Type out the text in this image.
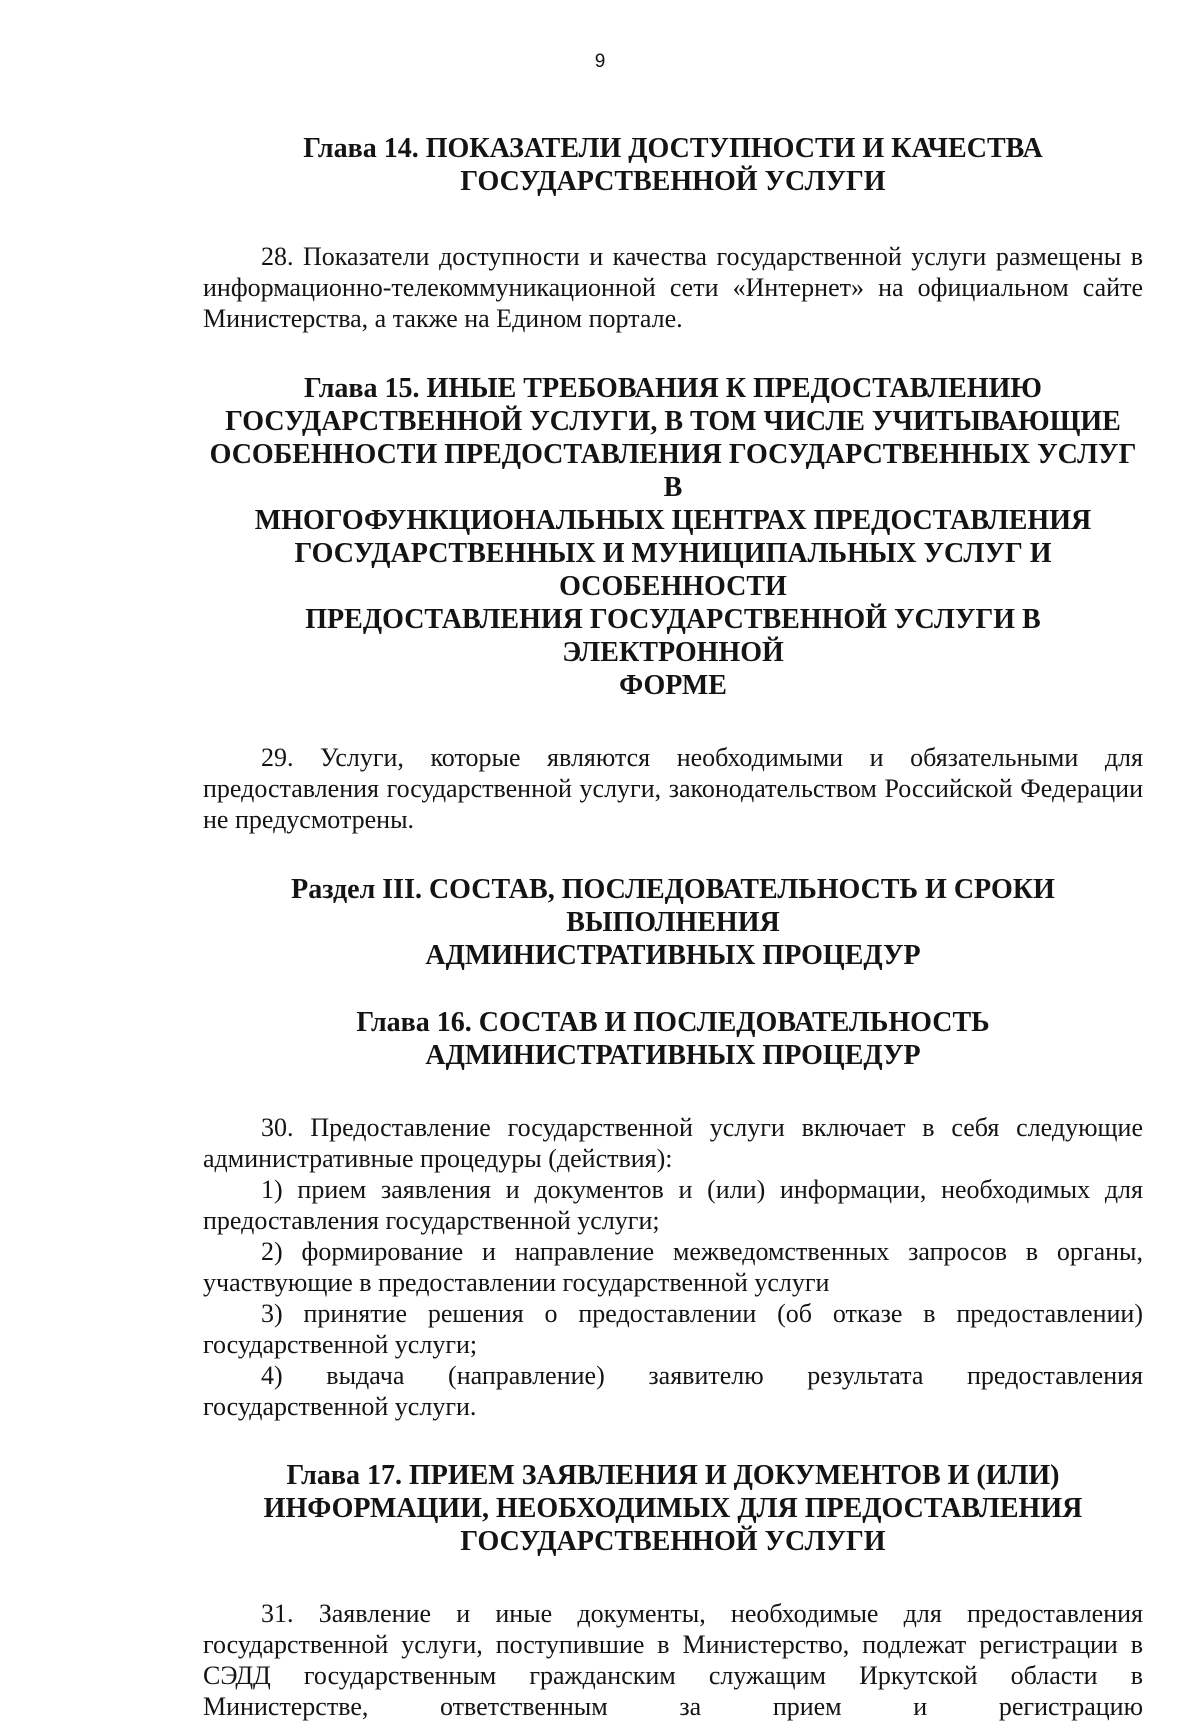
9
Глава 14. ПОКАЗАТЕЛИ ДОСТУПНОСТИ И КАЧЕСТВА
ГОСУДАРСТВЕННОЙ УСЛУГИ

28. Показатели доступности и качества государственной услуги размещены в информационно-телекоммуникационной сети «Интернет» на официальном сайте Министерства, а также на Едином портале.

Глава 15. ИНЫЕ ТРЕБОВАНИЯ К ПРЕДОСТАВЛЕНИЮ
ГОСУДАРСТВЕННОЙ УСЛУГИ, В ТОМ ЧИСЛЕ УЧИТЫВАЮЩИЕ
ОСОБЕННОСТИ ПРЕДОСТАВЛЕНИЯ ГОСУДАРСТВЕННЫХ УСЛУГ В
МНОГОФУНКЦИОНАЛЬНЫХ ЦЕНТРАХ ПРЕДОСТАВЛЕНИЯ
ГОСУДАРСТВЕННЫХ И МУНИЦИПАЛЬНЫХ УСЛУГ И ОСОБЕННОСТИ
ПРЕДОСТАВЛЕНИЯ ГОСУДАРСТВЕННОЙ УСЛУГИ В ЭЛЕКТРОННОЙ
ФОРМЕ

29. Услуги, которые являются необходимыми и обязательными для предоставления государственной услуги, законодательством Российской Федерации не предусмотрены.

Раздел III. СОСТАВ, ПОСЛЕДОВАТЕЛЬНОСТЬ И СРОКИ ВЫПОЛНЕНИЯ
АДМИНИСТРАТИВНЫХ ПРОЦЕДУР
Глава 16. СОСТАВ И ПОСЛЕДОВАТЕЛЬНОСТЬ
АДМИНИСТРАТИВНЫХ ПРОЦЕДУР

30. Предоставление государственной услуги включает в себя следующие административные процедуры (действия):

1) прием заявления и документов и (или) информации, необходимых для предоставления государственной услуги;

2) формирование и направление межведомственных запросов в органы, участвующие в предоставлении государственной услуги

3) принятие решения о предоставлении (об отказе в предоставлении) государственной услуги;

4) выдача (направление) заявителю результата предоставления государственной услуги.

Глава 17. ПРИЕМ ЗАЯВЛЕНИЯ И ДОКУМЕНТОВ И (ИЛИ)
ИНФОРМАЦИИ, НЕОБХОДИМЫХ ДЛЯ ПРЕДОСТАВЛЕНИЯ
ГОСУДАРСТВЕННОЙ УСЛУГИ

31. Заявление и иные документы, необходимые для предоставления государственной услуги, поступившие в Министерство, подлежат регистрации в СЭДД государственным гражданским служащим Иркутской области в Министерстве, ответственным за прием и регистрацию
